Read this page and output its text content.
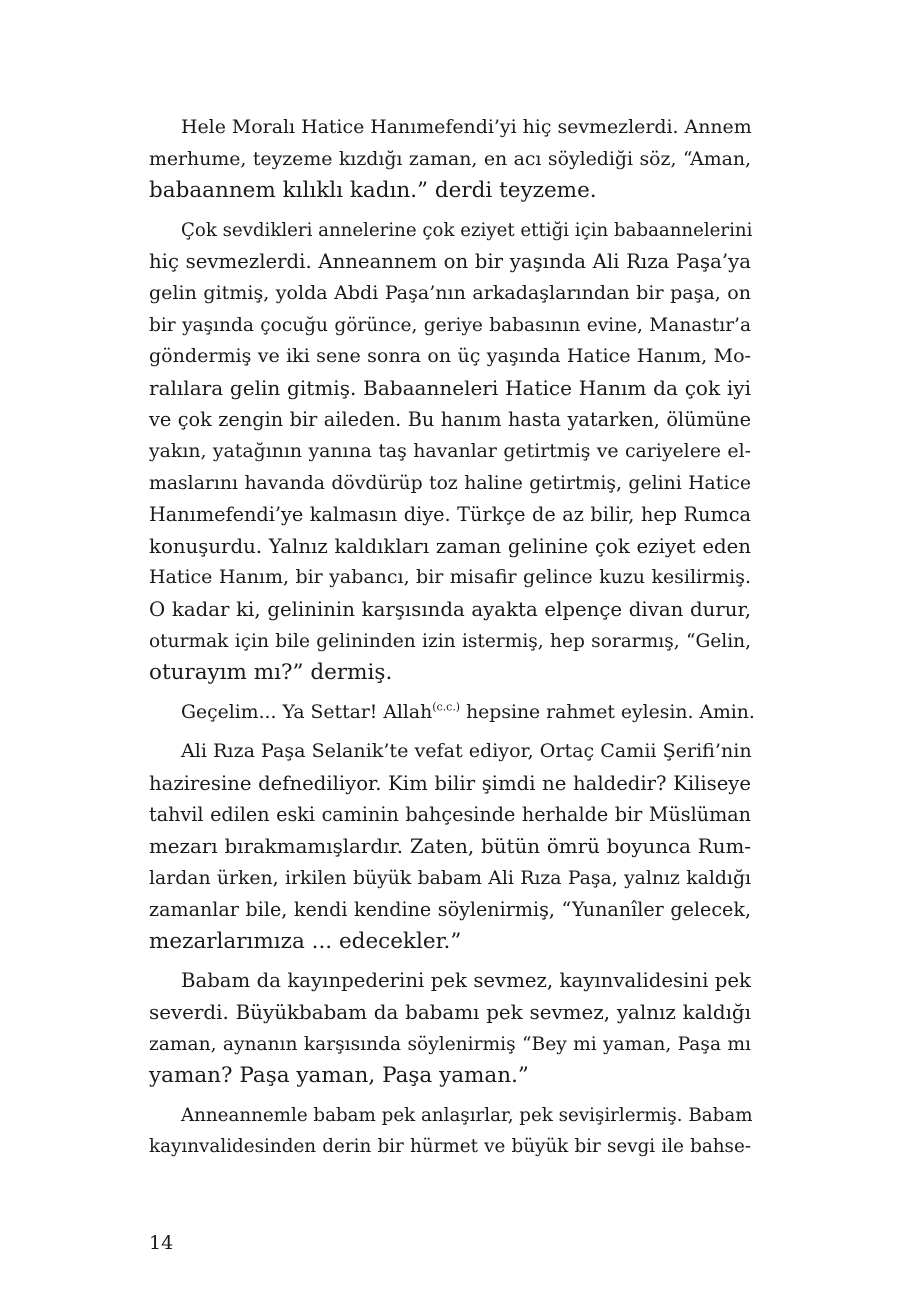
Hele Moralı Hatice Hanımefendi’yi hiç sevmezlerdi. Annem
merhume, teyzeme kızdığı zaman, en acı söylediği söz, “Aman,
babaannem kılıklı kadın.” derdi teyzeme.
Çok sevdikleri annelerine çok eziyet ettiği için babaannelerini
hiç sevmezlerdi. Anneannem on bir yaşında Ali Rıza Paşa’ya
gelin gitmiş, yolda Abdi Paşa’nın arkadaşlarından bir paşa, on
bir yaşında çocuğu görünce, geriye babasının evine, Manastır’a
göndermiş ve iki sene sonra on üç yaşında Hatice Hanım, Mo-
ralılara gelin gitmiş. Babaanneleri Hatice Hanım da çok iyi
ve çok zengin bir aileden. Bu hanım hasta yatarken, ölümüne
yakın, yatağının yanına taş havanlar getirtmiş ve cariyelere el-
maslarını havanda dövdürüp toz haline getirtmiş, gelini Hatice
Hanımefendi’ye kalmasın diye. Türkçe de az bilir, hep Rumca
konuşurdu. Yalnız kaldıkları zaman gelinine çok eziyet eden
Hatice Hanım, bir yabancı, bir misafir gelince kuzu kesilirmiş.
O kadar ki, gelininin karşısında ayakta elpençe divan durur,
oturmak için bile gelininden izin istermiş, hep sorarmış, “Gelin,
oturayım mı?” dermiş.
Geçelim... Ya Settar! Allah$^{(c.c.)}$ hepsine rahmet eylesin. Amin.
Ali Rıza Paşa Selanik’te vefat ediyor, Ortaç Camii Şerifi’nin
haziresine defnediliyor. Kim bilir şimdi ne haldedir? Kiliseye
tahvil edilen eski caminin bahçesinde herhalde bir Müslüman
mezarı bırakmamışlardır. Zaten, bütün ömrü boyunca Rum-
lardan ürken, irkilen büyük babam Ali Rıza Paşa, yalnız kaldığı
zamanlar bile, kendi kendine söylenirmiş, “Yunanîler gelecek,
mezarlarımıza ... edecekler.”
Babam da kayınpederini pek sevmez, kayınvalidesini pek
severdi. Büyükbabam da babamı pek sevmez, yalnız kaldığı
zaman, aynanın karşısında söylenirmiş “Bey mi yaman, Paşa mı
yaman? Paşa yaman, Paşa yaman.”
Anneannemle babam pek anlaşırlar, pek sevişirlermiş. Babam
kayınvalidesinden derin bir hürmet ve büyük bir sevgi ile bahse-
14
